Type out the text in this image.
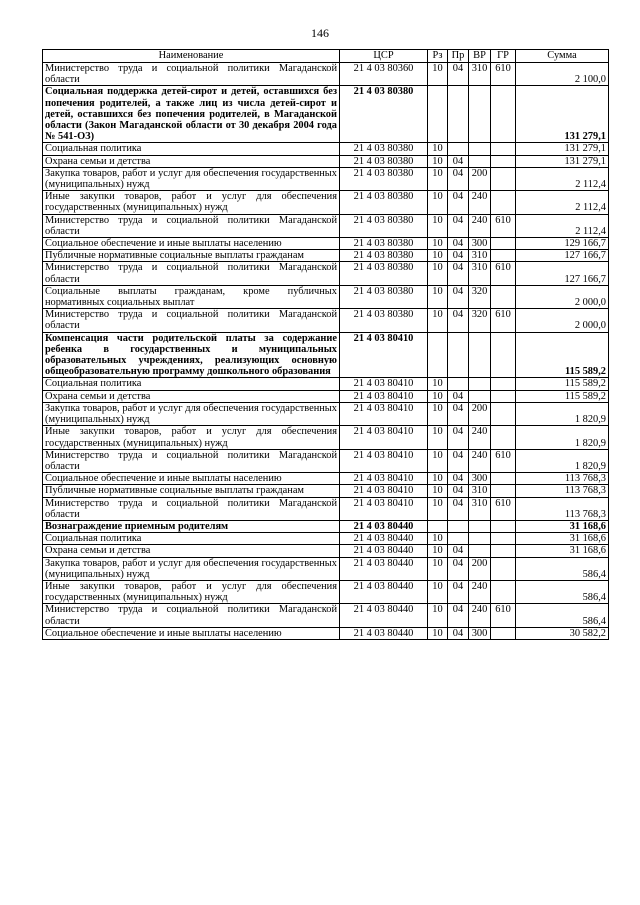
146
Наименование	ЦСР	Рз	Пр	ВР	ГР	Сумма
Министерство труда и социальной политики Магаданской области	21 4 03 80360	10	04	310	610	2 100,0
Социальная поддержка детей-сирот и детей, оставшихся без попечения родителей, а также лиц из числа детей-сирот и детей, оставшихся без попечения родителей, в Магаданской области (Закон Магаданской области от 30 декабря 2004 года № 541-ОЗ)	21 4 03 80380					131 279,1
Социальная политика	21 4 03 80380	10				131 279,1
Охрана семьи и детства	21 4 03 80380	10	04			131 279,1
Закупка товаров, работ и услуг для обеспечения государственных (муниципальных) нужд	21 4 03 80380	10	04	200		2 112,4
Иные закупки товаров, работ и услуг для обеспечения государственных (муниципальных) нужд	21 4 03 80380	10	04	240		2 112,4
Министерство труда и социальной политики Магаданской области	21 4 03 80380	10	04	240	610	2 112,4
Социальное обеспечение и иные выплаты населению	21 4 03 80380	10	04	300		129 166,7
Публичные нормативные социальные выплаты гражданам	21 4 03 80380	10	04	310		127 166,7
Министерство труда и социальной политики Магаданской области	21 4 03 80380	10	04	310	610	127 166,7
Социальные выплаты гражданам, кроме публичных нормативных социальных выплат	21 4 03 80380	10	04	320		2 000,0
Министерство труда и социальной политики Магаданской области	21 4 03 80380	10	04	320	610	2 000,0
Компенсация части родительской платы за содержание ребенка в государственных и муниципальных образовательных учреждениях, реализующих основную общеобразовательную программу дошкольного образования	21 4 03 80410					115 589,2
Социальная политика	21 4 03 80410	10				115 589,2
Охрана семьи и детства	21 4 03 80410	10	04			115 589,2
Закупка товаров, работ и услуг для обеспечения государственных (муниципальных) нужд	21 4 03 80410	10	04	200		1 820,9
Иные закупки товаров, работ и услуг для обеспечения государственных (муниципальных) нужд	21 4 03 80410	10	04	240		1 820,9
Министерство труда и социальной политики Магаданской области	21 4 03 80410	10	04	240	610	1 820,9
Социальное обеспечение и иные выплаты населению	21 4 03 80410	10	04	300		113 768,3
Публичные нормативные социальные выплаты гражданам	21 4 03 80410	10	04	310		113 768,3
Министерство труда и социальной политики Магаданской области	21 4 03 80410	10	04	310	610	113 768,3
Вознаграждение приемным родителям	21 4 03 80440					31 168,6
Социальная политика	21 4 03 80440	10				31 168,6
Охрана семьи и детства	21 4 03 80440	10	04			31 168,6
Закупка товаров, работ и услуг для обеспечения государственных (муниципальных) нужд	21 4 03 80440	10	04	200		586,4
Иные закупки товаров, работ и услуг для обеспечения государственных (муниципальных) нужд	21 4 03 80440	10	04	240		586,4
Министерство труда и социальной политики Магаданской области	21 4 03 80440	10	04	240	610	586,4
Социальное обеспечение и иные выплаты населению	21 4 03 80440	10	04	300		30 582,2
